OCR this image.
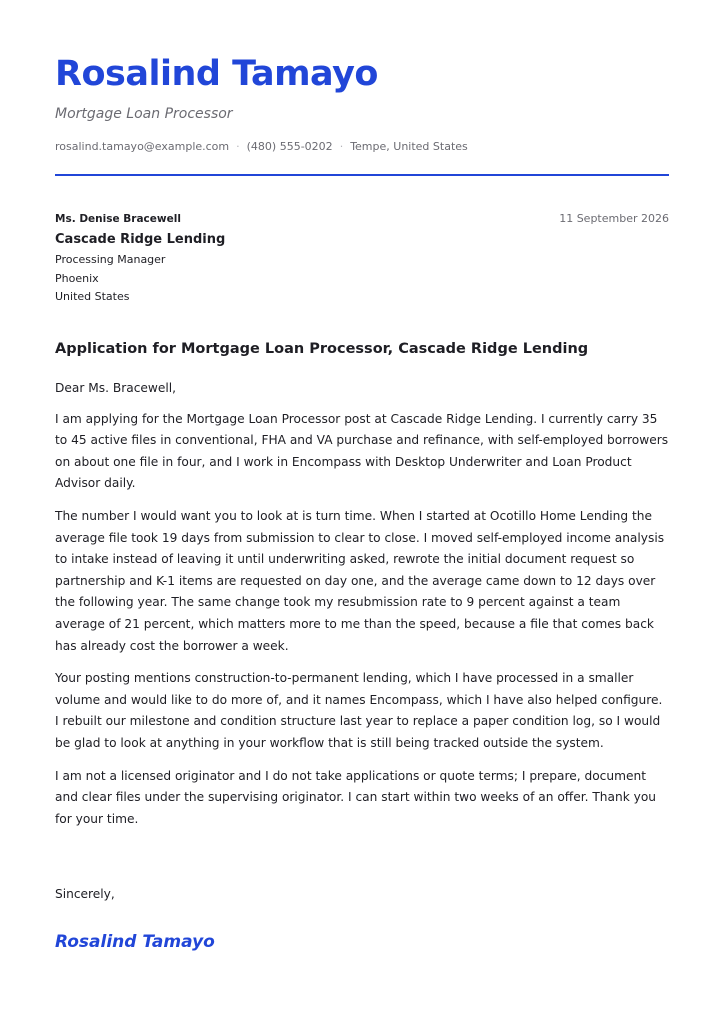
Rosalind Tamayo

Mortgage Loan Processor

rosalind.tamayo@example.com · (480) 555-0202 · Tempe, United States
Ms. Denise Bracewell
Cascade Ridge Lending
Processing Manager
Phoenix
United States
11 September 2026
Application for Mortgage Loan Processor, Cascade Ridge Lending

Dear Ms. Bracewell,

I am applying for the Mortgage Loan Processor post at Cascade Ridge Lending. I currently carry 35 to 45 active files in conventional, FHA and VA purchase and refinance, with self-employed borrowers on about one file in four, and I work in Encompass with Desktop Underwriter and Loan Product Advisor daily.

The number I would want you to look at is turn time. When I started at Ocotillo Home Lending the average file took 19 days from submission to clear to close. I moved self-employed income analysis to intake instead of leaving it until underwriting asked, rewrote the initial document request so partnership and K-1 items are requested on day one, and the average came down to 12 days over the following year. The same change took my resubmission rate to 9 percent against a team average of 21 percent, which matters more to me than the speed, because a file that comes back has already cost the borrower a week.

Your posting mentions construction-to-permanent lending, which I have processed in a smaller volume and would like to do more of, and it names Encompass, which I have also helped configure. I rebuilt our milestone and condition structure last year to replace a paper condition log, so I would be glad to look at anything in your workflow that is still being tracked outside the system.

I am not a licensed originator and I do not take applications or quote terms; I prepare, document and clear files under the supervising originator. I can start within two weeks of an offer. Thank you for your time.

Sincerely,
Rosalind Tamayo
